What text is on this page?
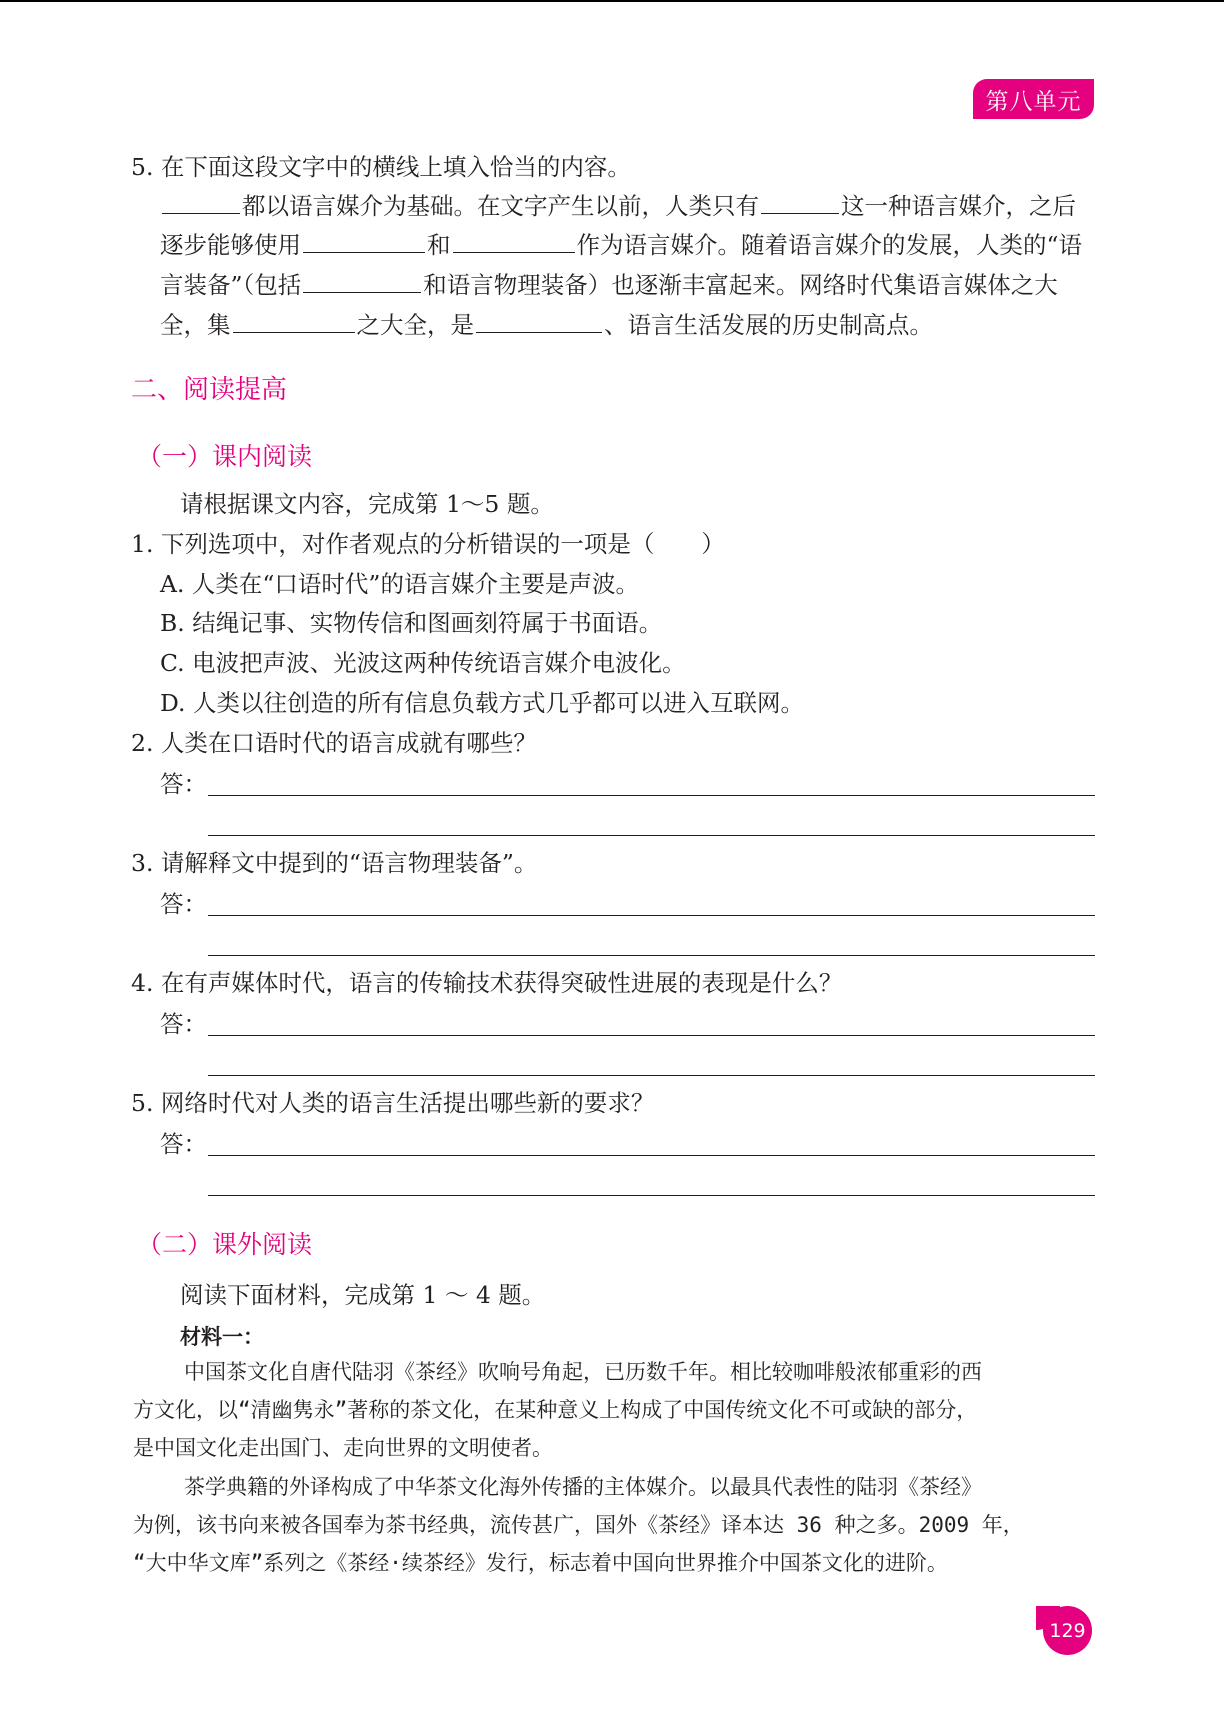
第八单元
5. 在下面这段文字中的横线上填入恰当的内容。
都以语言媒介为基础。在文字产生以前，人类只有	这一种语言媒介，之后
逐步能够使用	和	作为语言媒介。随着语言媒介的发展，人类的“语
言装备”（包括	和语言物理装备）也逐渐丰富起来。网络时代集语言媒体之大
全，集	之大全，是	、语言生活发展的历史制高点。
二、阅读提高
（一）课内阅读
请根据课文内容，完成第 1～5 题。
1. 下列选项中，对作者观点的分析错误的一项是（　　）
A. 人类在“口语时代”的语言媒介主要是声波。
B. 结绳记事、实物传信和图画刻符属于书面语。
C. 电波把声波、光波这两种传统语言媒介电波化。
D. 人类以往创造的所有信息负载方式几乎都可以进入互联网。
2. 人类在口语时代的语言成就有哪些？
答：
3. 请解释文中提到的“语言物理装备”。
答：
4. 在有声媒体时代，语言的传输技术获得突破性进展的表现是什么？
答：
5. 网络时代对人类的语言生活提出哪些新的要求？
答：
（二）课外阅读
阅读下面材料，完成第 1 ～ 4 题。
材料一：
中国茶文化自唐代陆羽《茶经》吹响号角起，已历数千年。相比较咖啡般浓郁重彩的西
方文化，以“清幽隽永”著称的茶文化，在某种意义上构成了中国传统文化不可或缺的部分，
是中国文化走出国门、走向世界的文明使者。
茶学典籍的外译构成了中华茶文化海外传播的主体媒介。以最具代表性的陆羽《茶经》
为例，该书向来被各国奉为茶书经典，流传甚广，国外《茶经》译本达 36 种之多。2009 年，
“大中华文库”系列之《茶经·续茶经》发行，标志着中国向世界推介中国茶文化的进阶。
129
